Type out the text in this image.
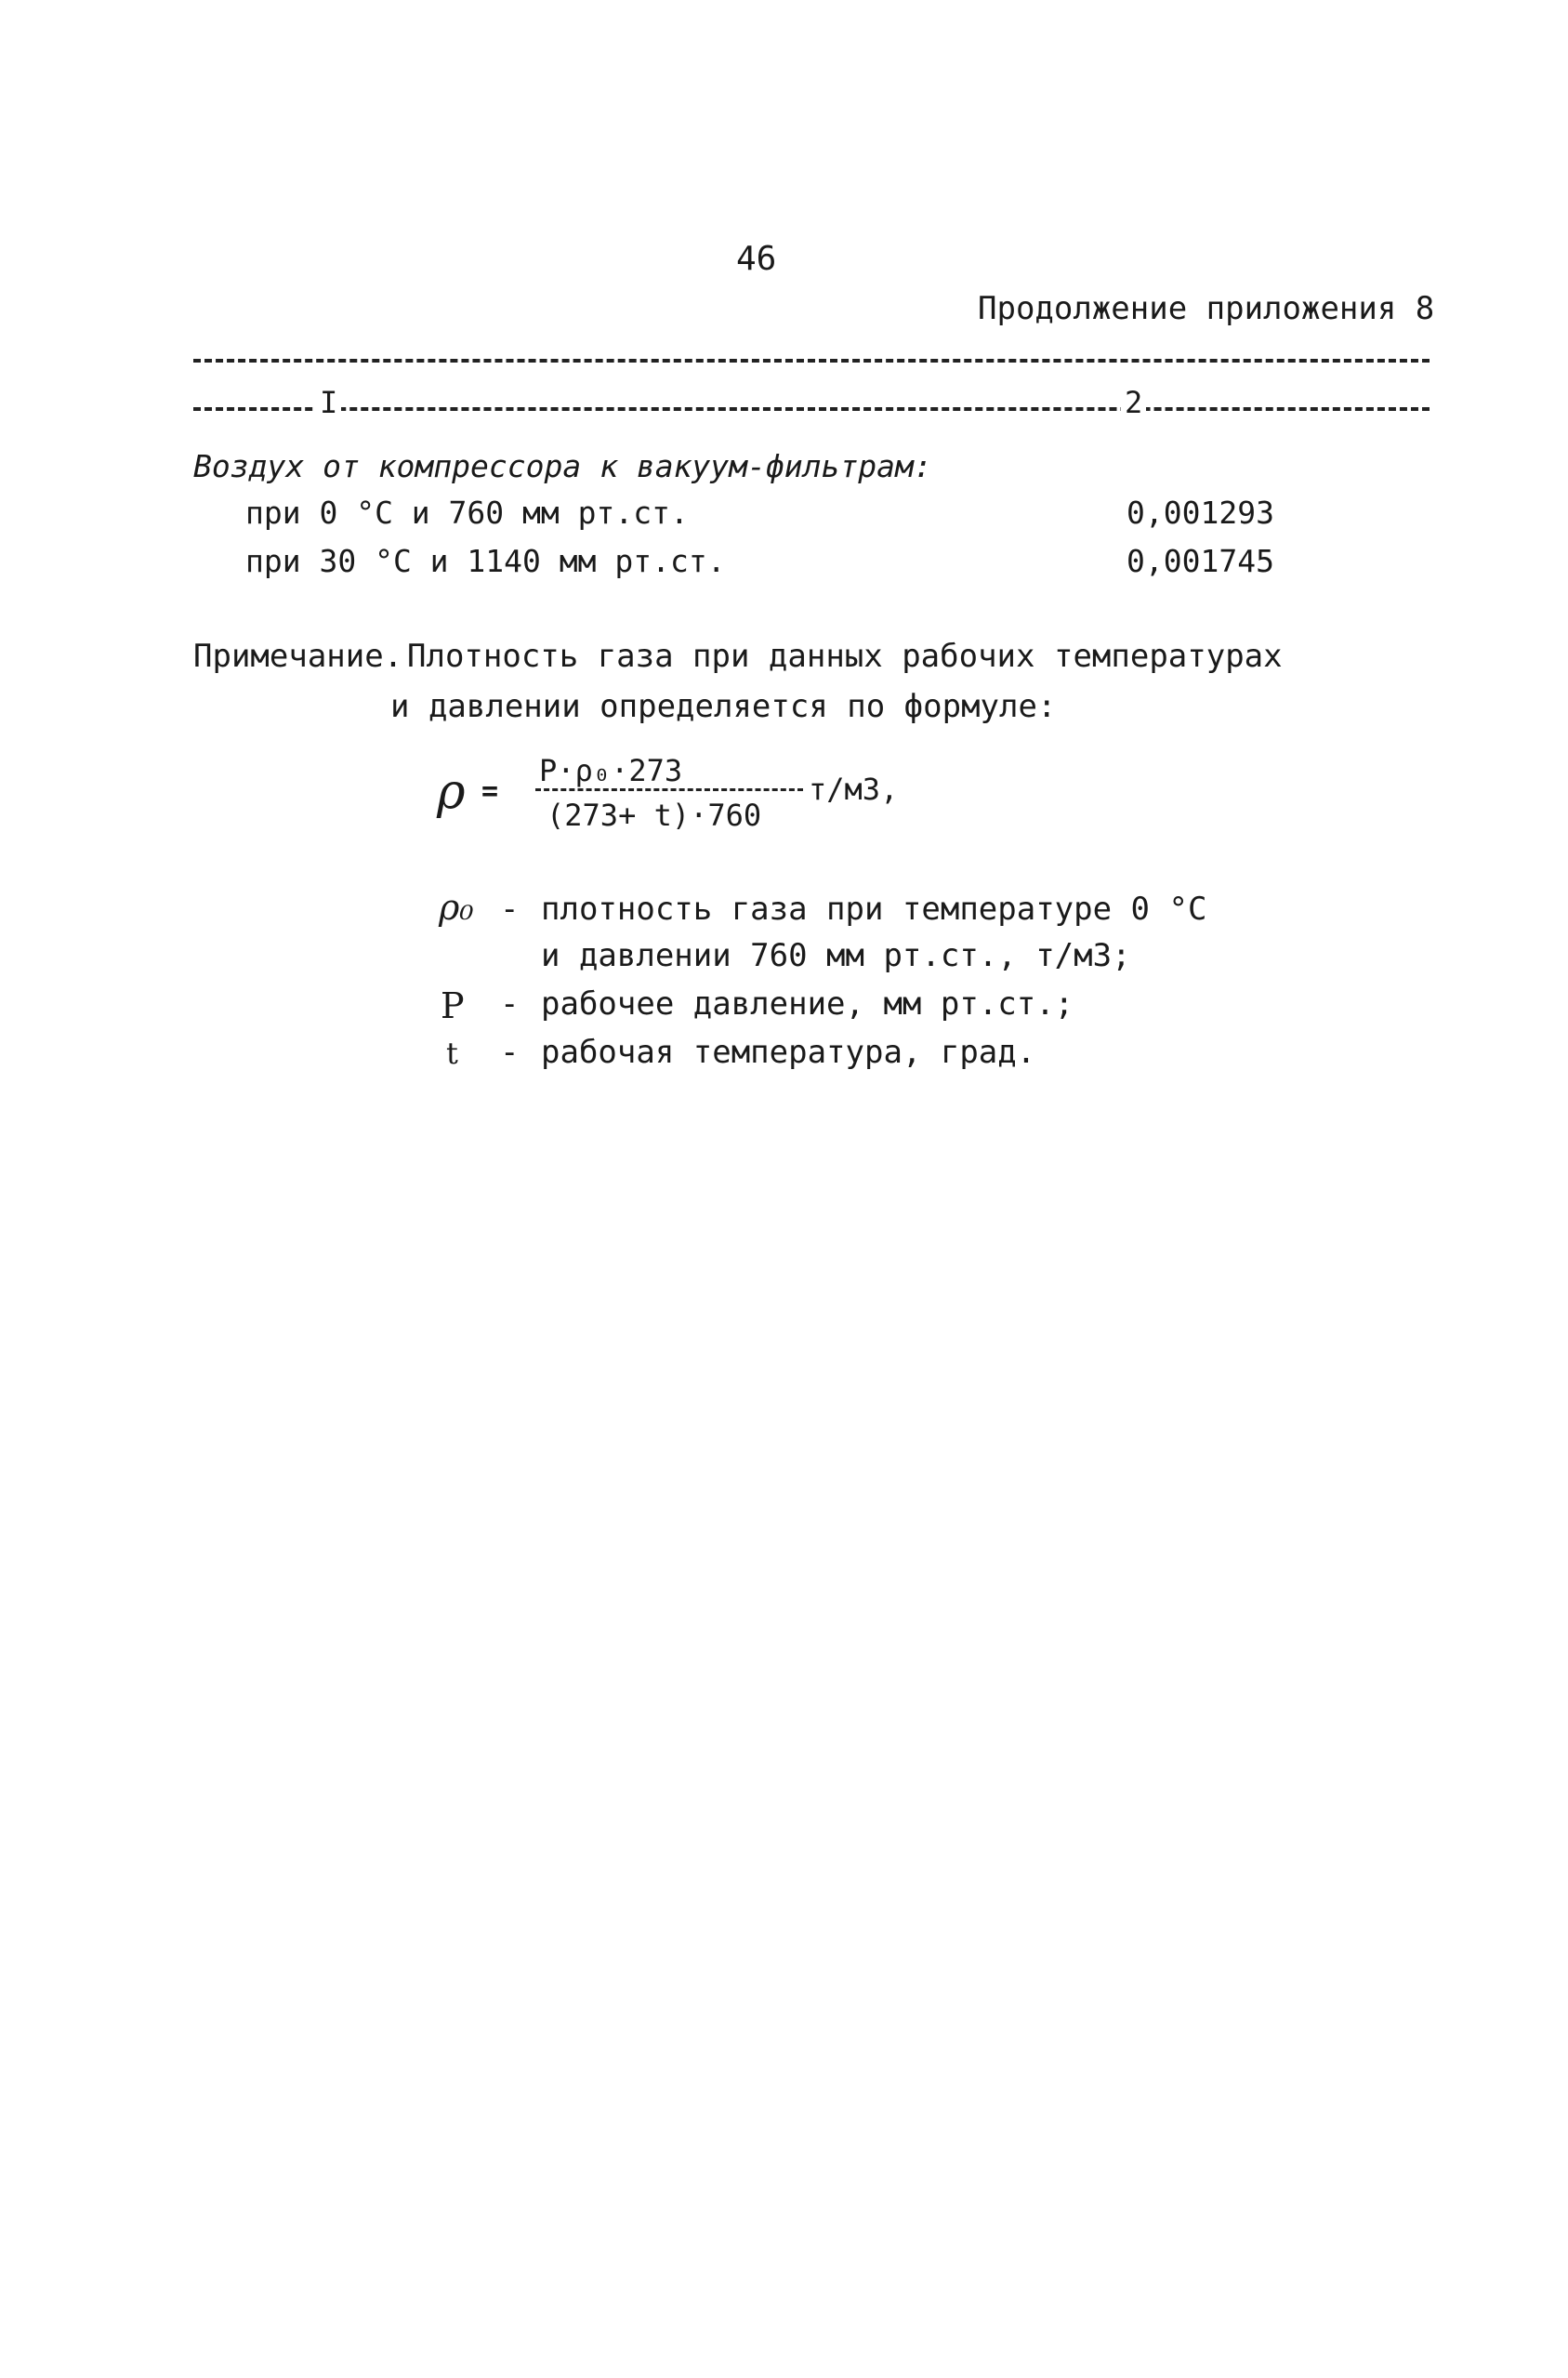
46
Продолжение приложения 8
I	2
Воздух от компрессора к вакуум-фильтрам:
при 0 °С и 760 мм рт.ст.	0,001293
при 30 °С и 1140 мм рт.ст.	0,001745
Примечание. Плотность газа при данных рабочих температурах
и давлении определяется по формуле:
ρ =
P·ρ₀·273
(273+ t)·760
т/м3,
ρ₀ - плотность газа при температуре 0 °С
и давлении 760 мм рт.ст., т/м3;
P - рабочее давление, мм рт.ст.;
t - рабочая температура, град.
